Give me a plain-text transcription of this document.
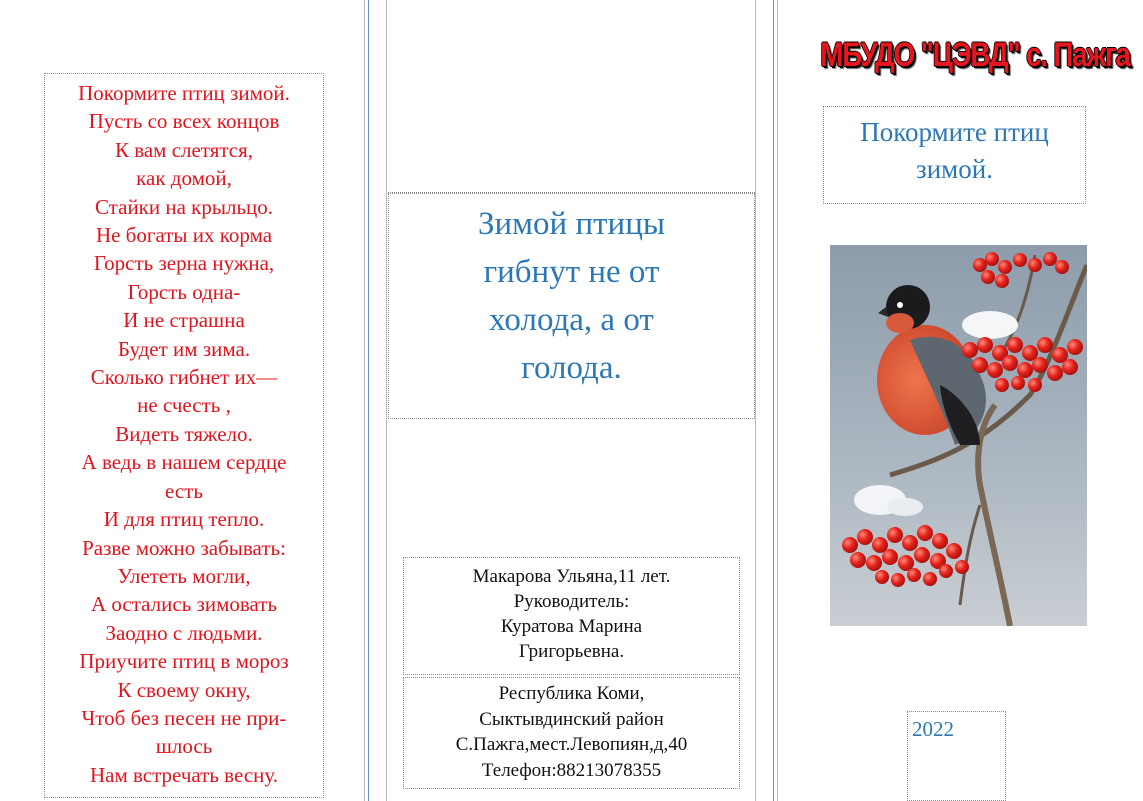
Покормите птиц зимой.
Пусть со всех концов
К вам слетятся,
как домой,
Стайки на крыльцо.
Не богаты их корма
Горсть зерна нужна,
Горсть одна-
И не страшна
Будет им зима.
Сколько гибнет их—
не счесть ,
Видеть тяжело.
А ведь в нашем сердце
есть
И для птиц тепло.
Разве можно забывать:
Улететь могли,
А остались зимовать
Заодно с людьми.
Приучите птиц в мороз
К своему окну,
Чтоб без песен не при-
шлось
Нам встречать весну.
Зимой птицы
гибнут не от
холода, а от
голода.
Макарова Ульяна,11 лет.
Руководитель:
Куратова Марина
Григорьевна.
Республика Коми,
Сыктывдинский район
С.Пажга,мест.Левопиян,д,40
Телефон:88213078355
МБУДО "ЦЭВД" с. Пажга
Покормите птиц
зимой.
2022
